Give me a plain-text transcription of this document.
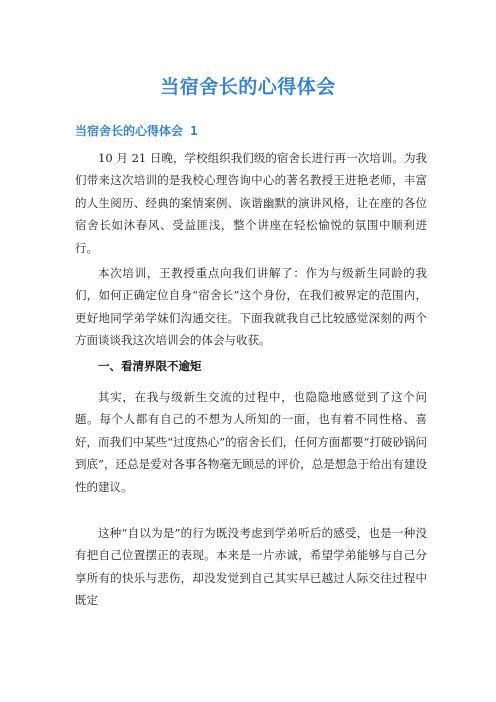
当宿舍长的心得体会
当宿舍长的心得体会 1

10 月 21 日晚，学校组织我们级的宿舍长进行再一次培训。为我们带来这次培训的是我校心理咨询中心的著名教授王进艳老师，丰富的人生阅历、经典的案情案例、诙谐幽默的演讲风格，让在座的各位宿舍长如沐春风、受益匪浅，整个讲座在轻松愉悦的氛围中顺利进行。

本次培训，王教授重点向我们讲解了：作为与级新生同龄的我们，如何正确定位自身“宿舍长”这个身份，在我们被界定的范围内，更好地同学弟学妹们沟通交往。下面我就我自己比较感觉深刻的两个方面谈谈我这次培训会的体会与收获。

一、看清界限不逾矩

其实，在我与级新生交流的过程中，也隐隐地感觉到了这个问题。每个人都有自己的不想为人所知的一面，也有着不同性格、喜好，而我们中某些“过度热心”的宿舍长们，任何方面都要“打破砂锅问到底”，还总是爱对各事各物毫无顾忌的评价，总是想急于给出有建设性的建议。

这种“自以为是”的行为既没考虑到学弟听后的感受，也是一种没有把自己位置摆正的表现。本来是一片赤诚，希望学弟能够与自己分享所有的快乐与悲伤，却没发觉到自己其实早已越过人际交往过程中既定
